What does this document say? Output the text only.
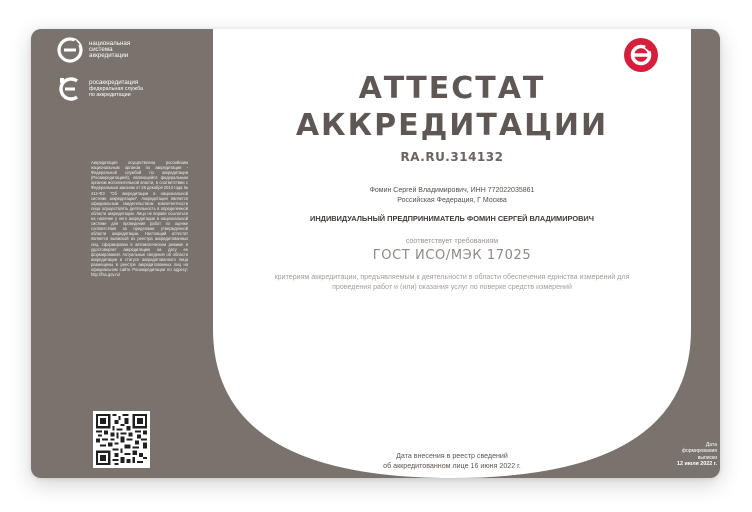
национальная
система
аккредитации
росаккредитация
федеральная служба
по аккредитации
Аккредитация осуществлена российским национальным органом по аккредитации - Федеральной службой по аккредитации (Росаккредитацией), являющейся федеральным органом исполнительной власти, в соответствии с Федеральным законом от 28 декабря 2013 года № 412-ФЗ "Об аккредитации в национальной системе аккредитации". Аккредитация является официальным свидетельством компетентности лица осуществлять деятельность в определенной области аккредитации. Лицо не вправе ссылаться на наличие у него аккредитации в национальной системе для проведения работ по оценке соответствия за пределами утвержденной области аккредитации. Настоящий аттестат является выпиской из реестра аккредитованных лиц, сформирован в автоматическом режиме и удостоверяет аккредитацию на дату ее формирования. Актуальные сведения об области аккредитации и статусе аккредитованного лица размещены в реестре аккредитованных лиц на официальном сайте Росаккредитации по адресу: http://fsa.gov.ru/
АТТЕСТАТ
АККРЕДИТАЦИИ
RA.RU.314132
Фомин Сергей Владимирович, ИНН 772022035861
Российская Федерация, Г Москва
ИНДИВИДУАЛЬНЫЙ ПРЕДПРИНИМАТЕЛЬ ФОМИН СЕРГЕЙ ВЛАДИМИРОВИЧ
соответствует требованиям
ГОСТ ИСО/МЭК 17025
критериям аккредитации, предъявляемым к деятельности в области обеспечения единства измерений для
проведения работ и (или) оказания услуг по поверке средств измерений
Дата внесения в реестр сведений
об аккредитованном лице 16 июня 2022 г.
Дата
формирования
выписки
12 июля 2022 г.
